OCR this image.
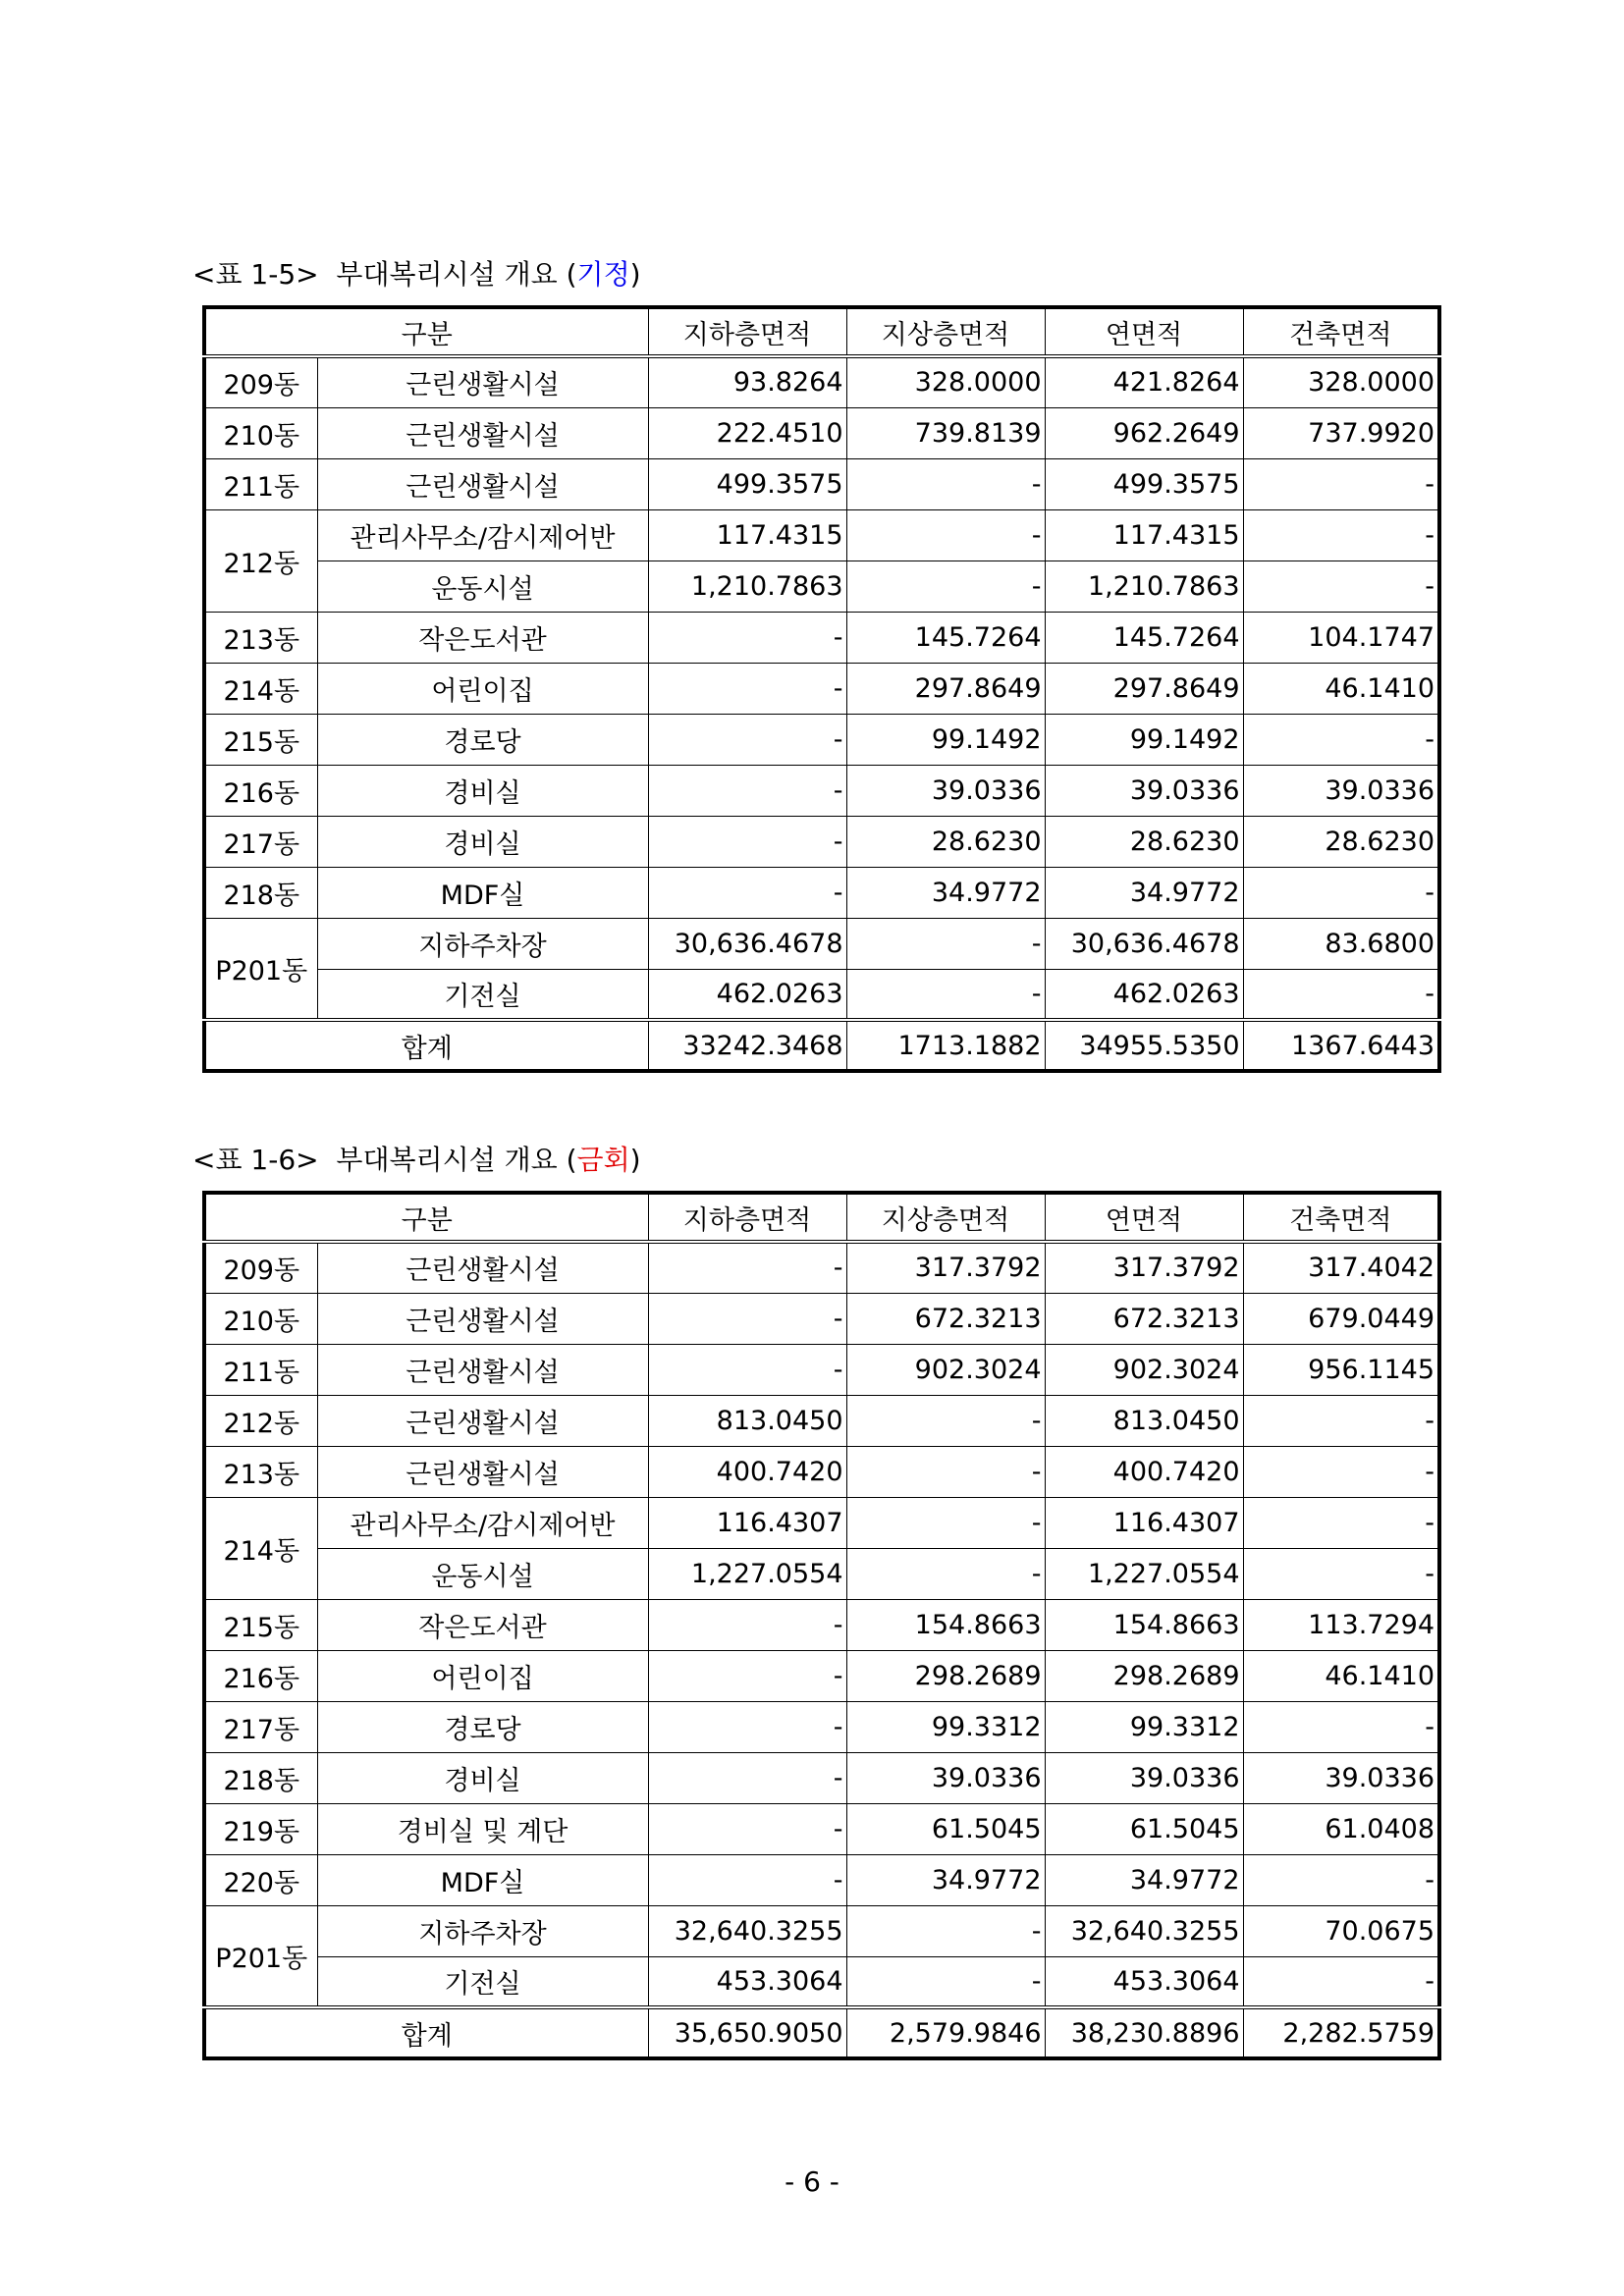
<표 1-5>  부대복리시설 개요 (기정)
구분		지하층면적	지상층면적	연면적	건축면적
209동	근린생활시설	93.8264	328.0000	421.8264	328.0000
210동	근린생활시설	222.4510	739.8139	962.2649	737.9920
211동	근린생활시설	499.3575	-	499.3575	-
212동	관리사무소/감시제어반	117.4315	-	117.4315	-
	운동시설	1,210.7863	-	1,210.7863	-
213동	작은도서관	-	145.7264	145.7264	104.1747
214동	어린이집	-	297.8649	297.8649	46.1410
215동	경로당	-	99.1492	99.1492	-
216동	경비실	-	39.0336	39.0336	39.0336
217동	경비실	-	28.6230	28.6230	28.6230
218동	MDF실	-	34.9772	34.9772	-
P201동	지하주차장	30,636.4678	-	30,636.4678	83.6800
	기전실	462.0263	-	462.0263	-
합계		33242.3468	1713.1882	34955.5350	1367.6443
<표 1-6>  부대복리시설 개요 (금회)
구분		지하층면적	지상층면적	연면적	건축면적
209동	근린생활시설	-	317.3792	317.3792	317.4042
210동	근린생활시설	-	672.3213	672.3213	679.0449
211동	근린생활시설	-	902.3024	902.3024	956.1145
212동	근린생활시설	813.0450	-	813.0450	-
213동	근린생활시설	400.7420	-	400.7420	-
214동	관리사무소/감시제어반	116.4307	-	116.4307	-
	운동시설	1,227.0554	-	1,227.0554	-
215동	작은도서관	-	154.8663	154.8663	113.7294
216동	어린이집	-	298.2689	298.2689	46.1410
217동	경로당	-	99.3312	99.3312	-
218동	경비실	-	39.0336	39.0336	39.0336
219동	경비실 및 계단	-	61.5045	61.5045	61.0408
220동	MDF실	-	34.9772	34.9772	-
P201동	지하주차장	32,640.3255	-	32,640.3255	70.0675
	기전실	453.3064	-	453.3064	-
합계		35,650.9050	2,579.9846	38,230.8896	2,282.5759
- 6 -
